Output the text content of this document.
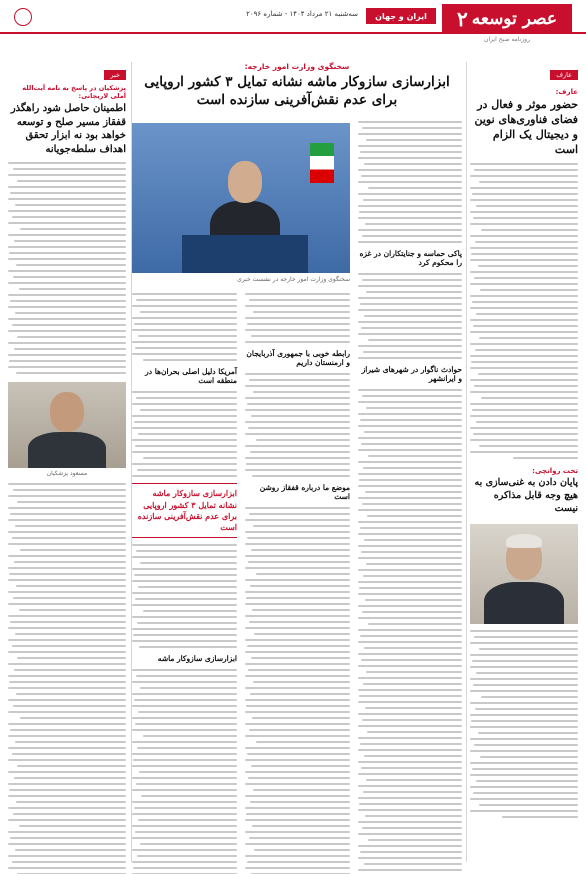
عصر توسعه
۲
روزنامه صبح ایران
ایران و جهان
سه‌شنبه ۲۱ مرداد ۱۴۰۴ - شماره ۲۰۹۶
عارف
عارف:
حضور موثر و فعال در فضای فناوری‌های نوین و دیجیتال یک الزام است
تخت روانچی:
پایان دادن به غنی‌سازی به هیچ وجه قابل مذاکره نیست
سخنگوی وزارت امور خارجه:
ابزارسازی سازوکار ماشه نشانه تمایل ۳ کشور اروپایی برای عدم نقش‌آفرینی سازنده است
پاکی حماسه و جنایتکاران در غزه را محکوم کرد
حوادث ناگوار در شهرهای شیراز و ایرانشهر
سخنگوی وزارت امور خارجه در نشست خبری
رابطه خوبی با جمهوری آذربایجان و ارمنستان داریم
موضع ما درباره قفقاز روشن است
آمریکا دلیل اصلی بحران‌ها در منطقه است
ابزارسازی سازوکار ماشه نشانه تمایل ۳ کشور اروپایی برای عدم نقش‌آفرینی سازنده است
ابزارسازی سازوکار ماشه
خبر
پزشکیان در پاسخ به نامه آیت‌الله آملی لاریجانی:
اطمینان حاصل شود راهگذر قفقاز مسیر صلح و توسعه خواهد بود نه ابزار تحقق اهداف سلطه‌جویانه
مسعود پزشکیان
